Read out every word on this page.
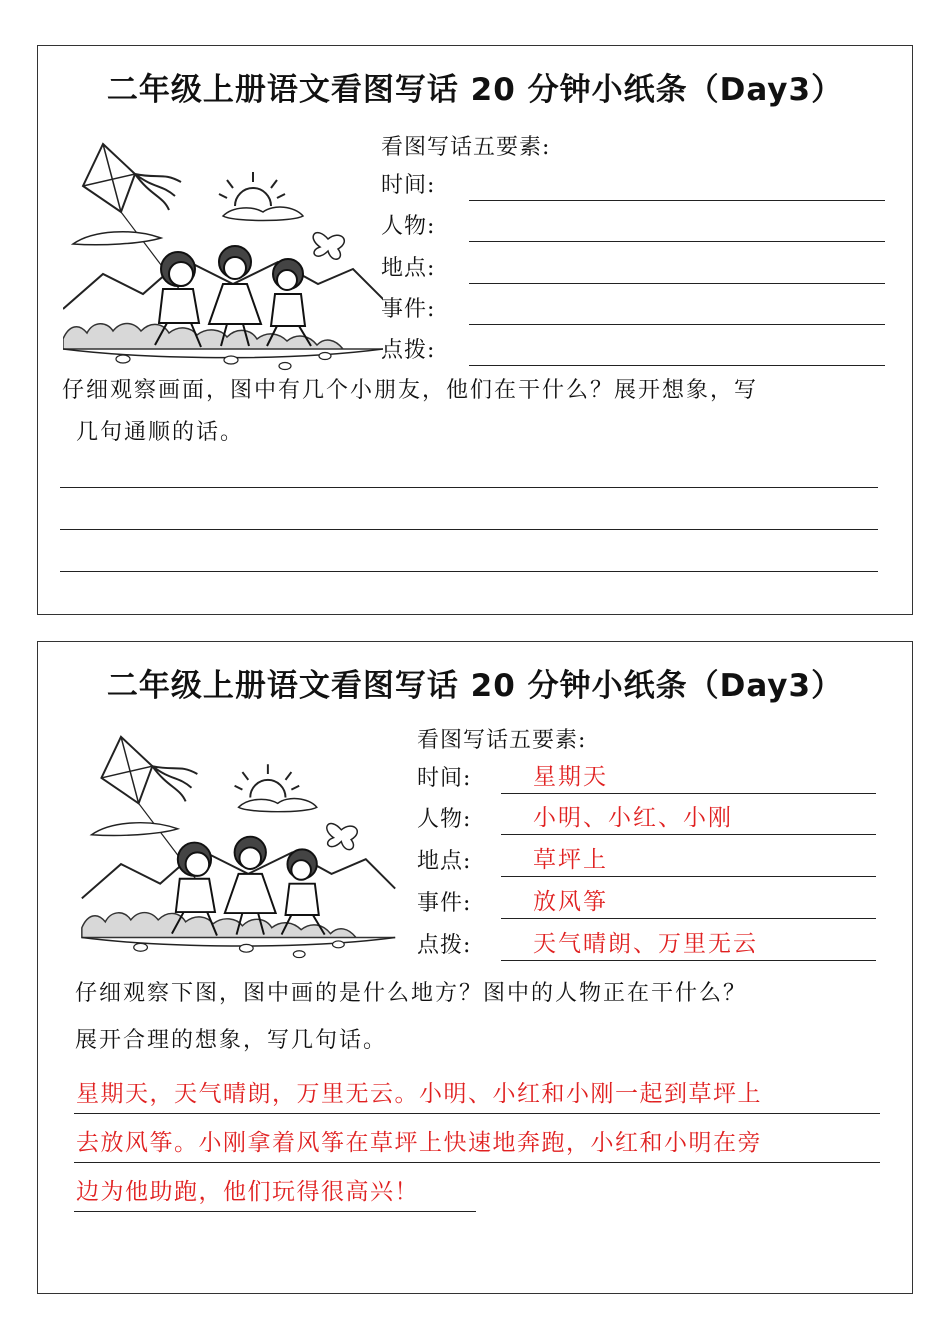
二年级上册语文看图写话 20 分钟小纸条（Day3）
看图写话五要素:
时间:
人物:
地点:
事件:
点拨:
仔细观察画面，图中有几个小朋友，他们在干什么？展开想象，写
几句通顺的话。
二年级上册语文看图写话 20 分钟小纸条（Day3）
看图写话五要素:
时间:	星期天
人物:	小明、小红、小刚
地点:	草坪上
事件:	放风筝
点拨:	天气晴朗、万里无云
仔细观察下图，图中画的是什么地方？图中的人物正在干什么？
展开合理的想象，写几句话。
星期天，天气晴朗，万里无云。小明、小红和小刚一起到草坪上
去放风筝。小刚拿着风筝在草坪上快速地奔跑，小红和小明在旁
边为他助跑，他们玩得很高兴！
